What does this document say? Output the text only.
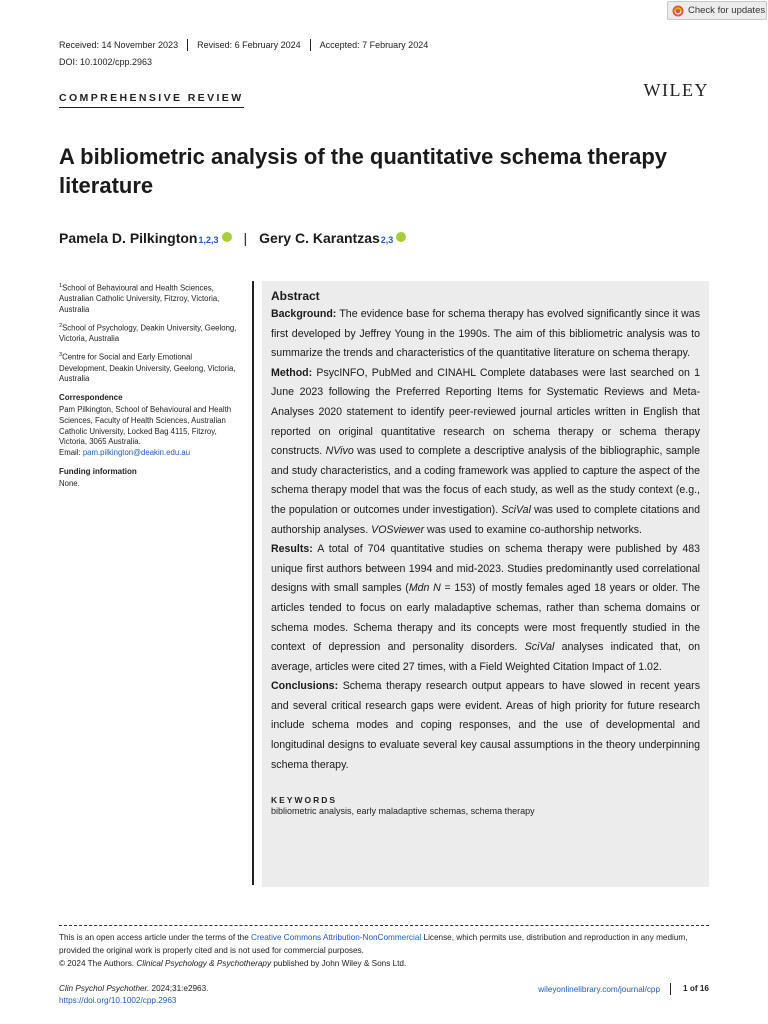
Check for updates
Received: 14 November 2023	Revised: 6 February 2024	Accepted: 7 February 2024
DOI: 10.1002/cpp.2963
COMPREHENSIVE REVIEW	WILEY
A bibliometric analysis of the quantitative schema therapy literature
Pamela D. Pilkington 1,2,3 | Gery C. Karantzas 2,3
$^1$School of Behavioural and Health Sciences, Australian Catholic University, Fitzroy, Victoria, Australia
$^2$School of Psychology, Deakin University, Geelong, Victoria, Australia
$^3$Centre for Social and Early Emotional Development, Deakin University, Geelong, Victoria, Australia
Correspondence
Pam Pilkington, School of Behavioural and Health Sciences, Faculty of Health Sciences, Australian Catholic University, Locked Bag 4115, Fitzroy, Victoria, 3065 Australia.
Email: pam.pilkington@deakin.edu.au
Funding information
None.
Abstract

Background: The evidence base for schema therapy has evolved significantly since it was first developed by Jeffrey Young in the 1990s. The aim of this bibliometric analysis was to summarize the trends and characteristics of the quantitative literature on schema therapy.

Method: PsycINFO, PubMed and CINAHL Complete databases were last searched on 1 June 2023 following the Preferred Reporting Items for Systematic Reviews and Meta-Analyses 2020 statement to identify peer-reviewed journal articles written in English that reported on original quantitative research on schema therapy or schema therapy constructs. NVivo was used to complete a descriptive analysis of the bibliographic, sample and study characteristics, and a coding framework was applied to capture the aspect of the schema therapy model that was the focus of each study, as well as the study context (e.g., the population or outcomes under investigation). SciVal was used to complete citations and authorship analyses. VOSviewer was used to examine co-authorship networks.

Results: A total of 704 quantitative studies on schema therapy were published by 483 unique first authors between 1994 and mid-2023. Studies predominantly used correlational designs with small samples (Mdn N = 153) of mostly females aged 18 years or older. The articles tended to focus on early maladaptive schemas, rather than schema domains or schema modes. Schema therapy and its concepts were most frequently studied in the context of depression and personality disorders. SciVal analyses indicated that, on average, articles were cited 27 times, with a Field Weighted Citation Impact of 1.02.

Conclusions: Schema therapy research output appears to have slowed in recent years and several critical research gaps were evident. Areas of high priority for future research include schema modes and coping responses, and the use of developmental and longitudinal designs to evaluate several key causal assumptions in the theory underpinning schema therapy.

KEYWORDS
bibliometric analysis, early maladaptive schemas, schema therapy
This is an open access article under the terms of the Creative Commons Attribution-NonCommercial License, which permits use, distribution and reproduction in any medium, provided the original work is properly cited and is not used for commercial purposes.
© 2024 The Authors. Clinical Psychology & Psychotherapy published by John Wiley & Sons Ltd.
Clin Psychol Psychother. 2024;31:e2963.
https://doi.org/10.1002/cpp.2963
wileyonlinelibrary.com/journal/cpp	1 of 16
